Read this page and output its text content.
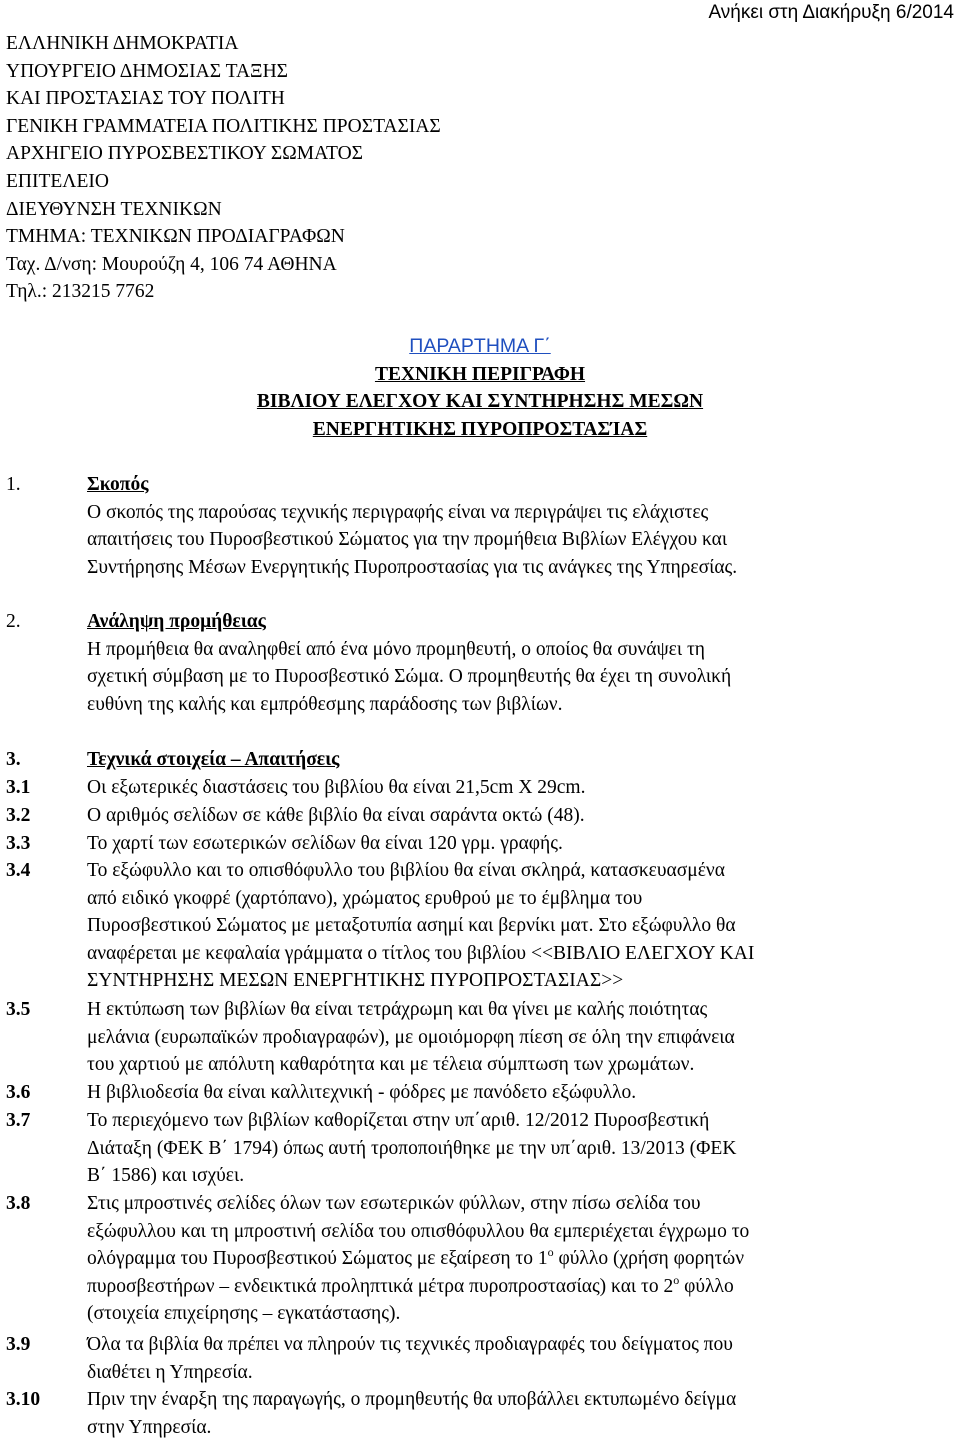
Ανήκει στη Διακήρυξη 6/2014
ΕΛΛΗΝΙΚΗ ΔΗΜΟΚΡΑΤΙΑ
ΥΠΟΥΡΓΕΙΟ ΔΗΜΟΣΙΑΣ ΤΑΞΗΣ
ΚΑΙ ΠΡΟΣΤΑΣΙΑΣ ΤΟΥ ΠΟΛΙΤΗ
ΓΕΝΙΚΗ ΓΡΑΜΜΑΤΕΙΑ ΠΟΛΙΤΙΚΗΣ ΠΡΟΣΤΑΣΙΑΣ
ΑΡΧΗΓΕΙΟ ΠΥΡΟΣΒΕΣΤΙΚΟΥ ΣΩΜΑΤΟΣ
ΕΠΙΤΕΛΕΙΟ
ΔΙΕΥΘΥΝΣΗ ΤΕΧΝΙΚΩΝ
ΤΜΗΜΑ: ΤΕΧΝΙΚΩΝ ΠΡΟΔΙΑΓΡΑΦΩΝ
Ταχ. Δ/νση: Μουρούζη 4, 106 74 ΑΘΗΝΑ
Τηλ.: 213215 7762
ΠΑΡΑΡΤΗΜΑ Γ΄
ΤΕΧΝΙΚΗ ΠΕΡΙΓΡΑΦΗ
ΒΙΒΛΙΟΥ ΕΛΕΓΧΟΥ ΚΑΙ ΣΥΝΤΗΡΗΣΗΣ ΜΕΣΩΝ
ΕΝΕΡΓΗΤΙΚΗΣ ΠΥΡΟΠΡΟΣΤΑΣΊΑΣ
1.	Σκοπός

Ο σκοπός της παρούσας τεχνικής περιγραφής είναι να περιγράψει τις ελάχιστες

απαιτήσεις του Πυροσβεστικού Σώματος για την προμήθεια Βιβλίων Ελέγχου και

Συντήρησης Μέσων Ενεργητικής Πυροπροστασίας για τις ανάγκες της Υπηρεσίας.

2.	Ανάληψη προμήθειας

Η προμήθεια θα αναληφθεί από ένα μόνο προμηθευτή, ο οποίος θα συνάψει τη

σχετική σύμβαση με το Πυροσβεστικό Σώμα. Ο προμηθευτής θα έχει τη συνολική

ευθύνη της καλής και εμπρόθεσμης παράδοσης των βιβλίων.

3.	Τεχνικά στοιχεία – Απαιτήσεις
3.1	Οι εξωτερικές διαστάσεις του βιβλίου θα είναι 21,5cm X 29cm.
3.2	Ο αριθμός σελίδων σε κάθε βιβλίο θα είναι σαράντα οκτώ (48).
3.3	Το χαρτί των εσωτερικών σελίδων θα είναι 120 γρμ. γραφής.
3.4	Το εξώφυλλο και το οπισθόφυλλο του βιβλίου θα είναι σκληρά, κατασκευασμένα
από ειδικό γκοφρέ (χαρτόπανο), χρώματος ερυθρού με το έμβλημα του
Πυροσβεστικού Σώματος με μεταξοτυπία ασημί και βερνίκι ματ. Στο εξώφυλλο θα
αναφέρεται με κεφαλαία γράμματα ο τίτλος του βιβλίου <<ΒΙΒΛΙΟ ΕΛΕΓΧΟΥ ΚΑΙ
ΣΥΝΤΗΡΗΣΗΣ ΜΕΣΩΝ ΕΝΕΡΓΗΤΙΚΗΣ ΠΥΡΟΠΡΟΣΤΑΣΙΑΣ>>
3.5	Η εκτύπωση των βιβλίων θα είναι τετράχρωμη και θα γίνει με καλής ποιότητας
μελάνια (ευρωπαϊκών προδιαγραφών), με ομοιόμορφη πίεση σε όλη την επιφάνεια
του χαρτιού με απόλυτη καθαρότητα και με τέλεια σύμπτωση των χρωμάτων.
3.6	Η βιβλιοδεσία θα είναι καλλιτεχνική - φόδρες με πανόδετο εξώφυλλο.
3.7	Το περιεχόμενο των βιβλίων καθορίζεται στην υπ΄αριθ. 12/2012 Πυροσβεστική
Διάταξη (ΦΕΚ Β΄ 1794) όπως αυτή τροποποιήθηκε με την υπ΄αριθ. 13/2013 (ΦΕΚ
Β΄ 1586) και ισχύει.
3.8	Στις μπροστινές σελίδες όλων των εσωτερικών φύλλων, στην πίσω σελίδα του
εξώφυλλου και τη μπροστινή σελίδα του οπισθόφυλλου θα εμπεριέχεται έγχρωμο το
ολόγραμμα του Πυροσβεστικού Σώματος με εξαίρεση το $1^o$ φύλλο (χρήση φορητών
πυροσβεστήρων – ενδεικτικά προληπτικά μέτρα πυροπροστασίας) και το $2^o$ φύλλο
(στοιχεία επιχείρησης – εγκατάστασης).
3.9	Όλα τα βιβλία θα πρέπει να πληρούν τις τεχνικές προδιαγραφές του δείγματος που
διαθέτει η Υπηρεσία.
3.10 Πριν την έναρξη της παραγωγής, ο προμηθευτής θα υποβάλλει εκτυπωμένο δείγμα
στην Υπηρεσία.
